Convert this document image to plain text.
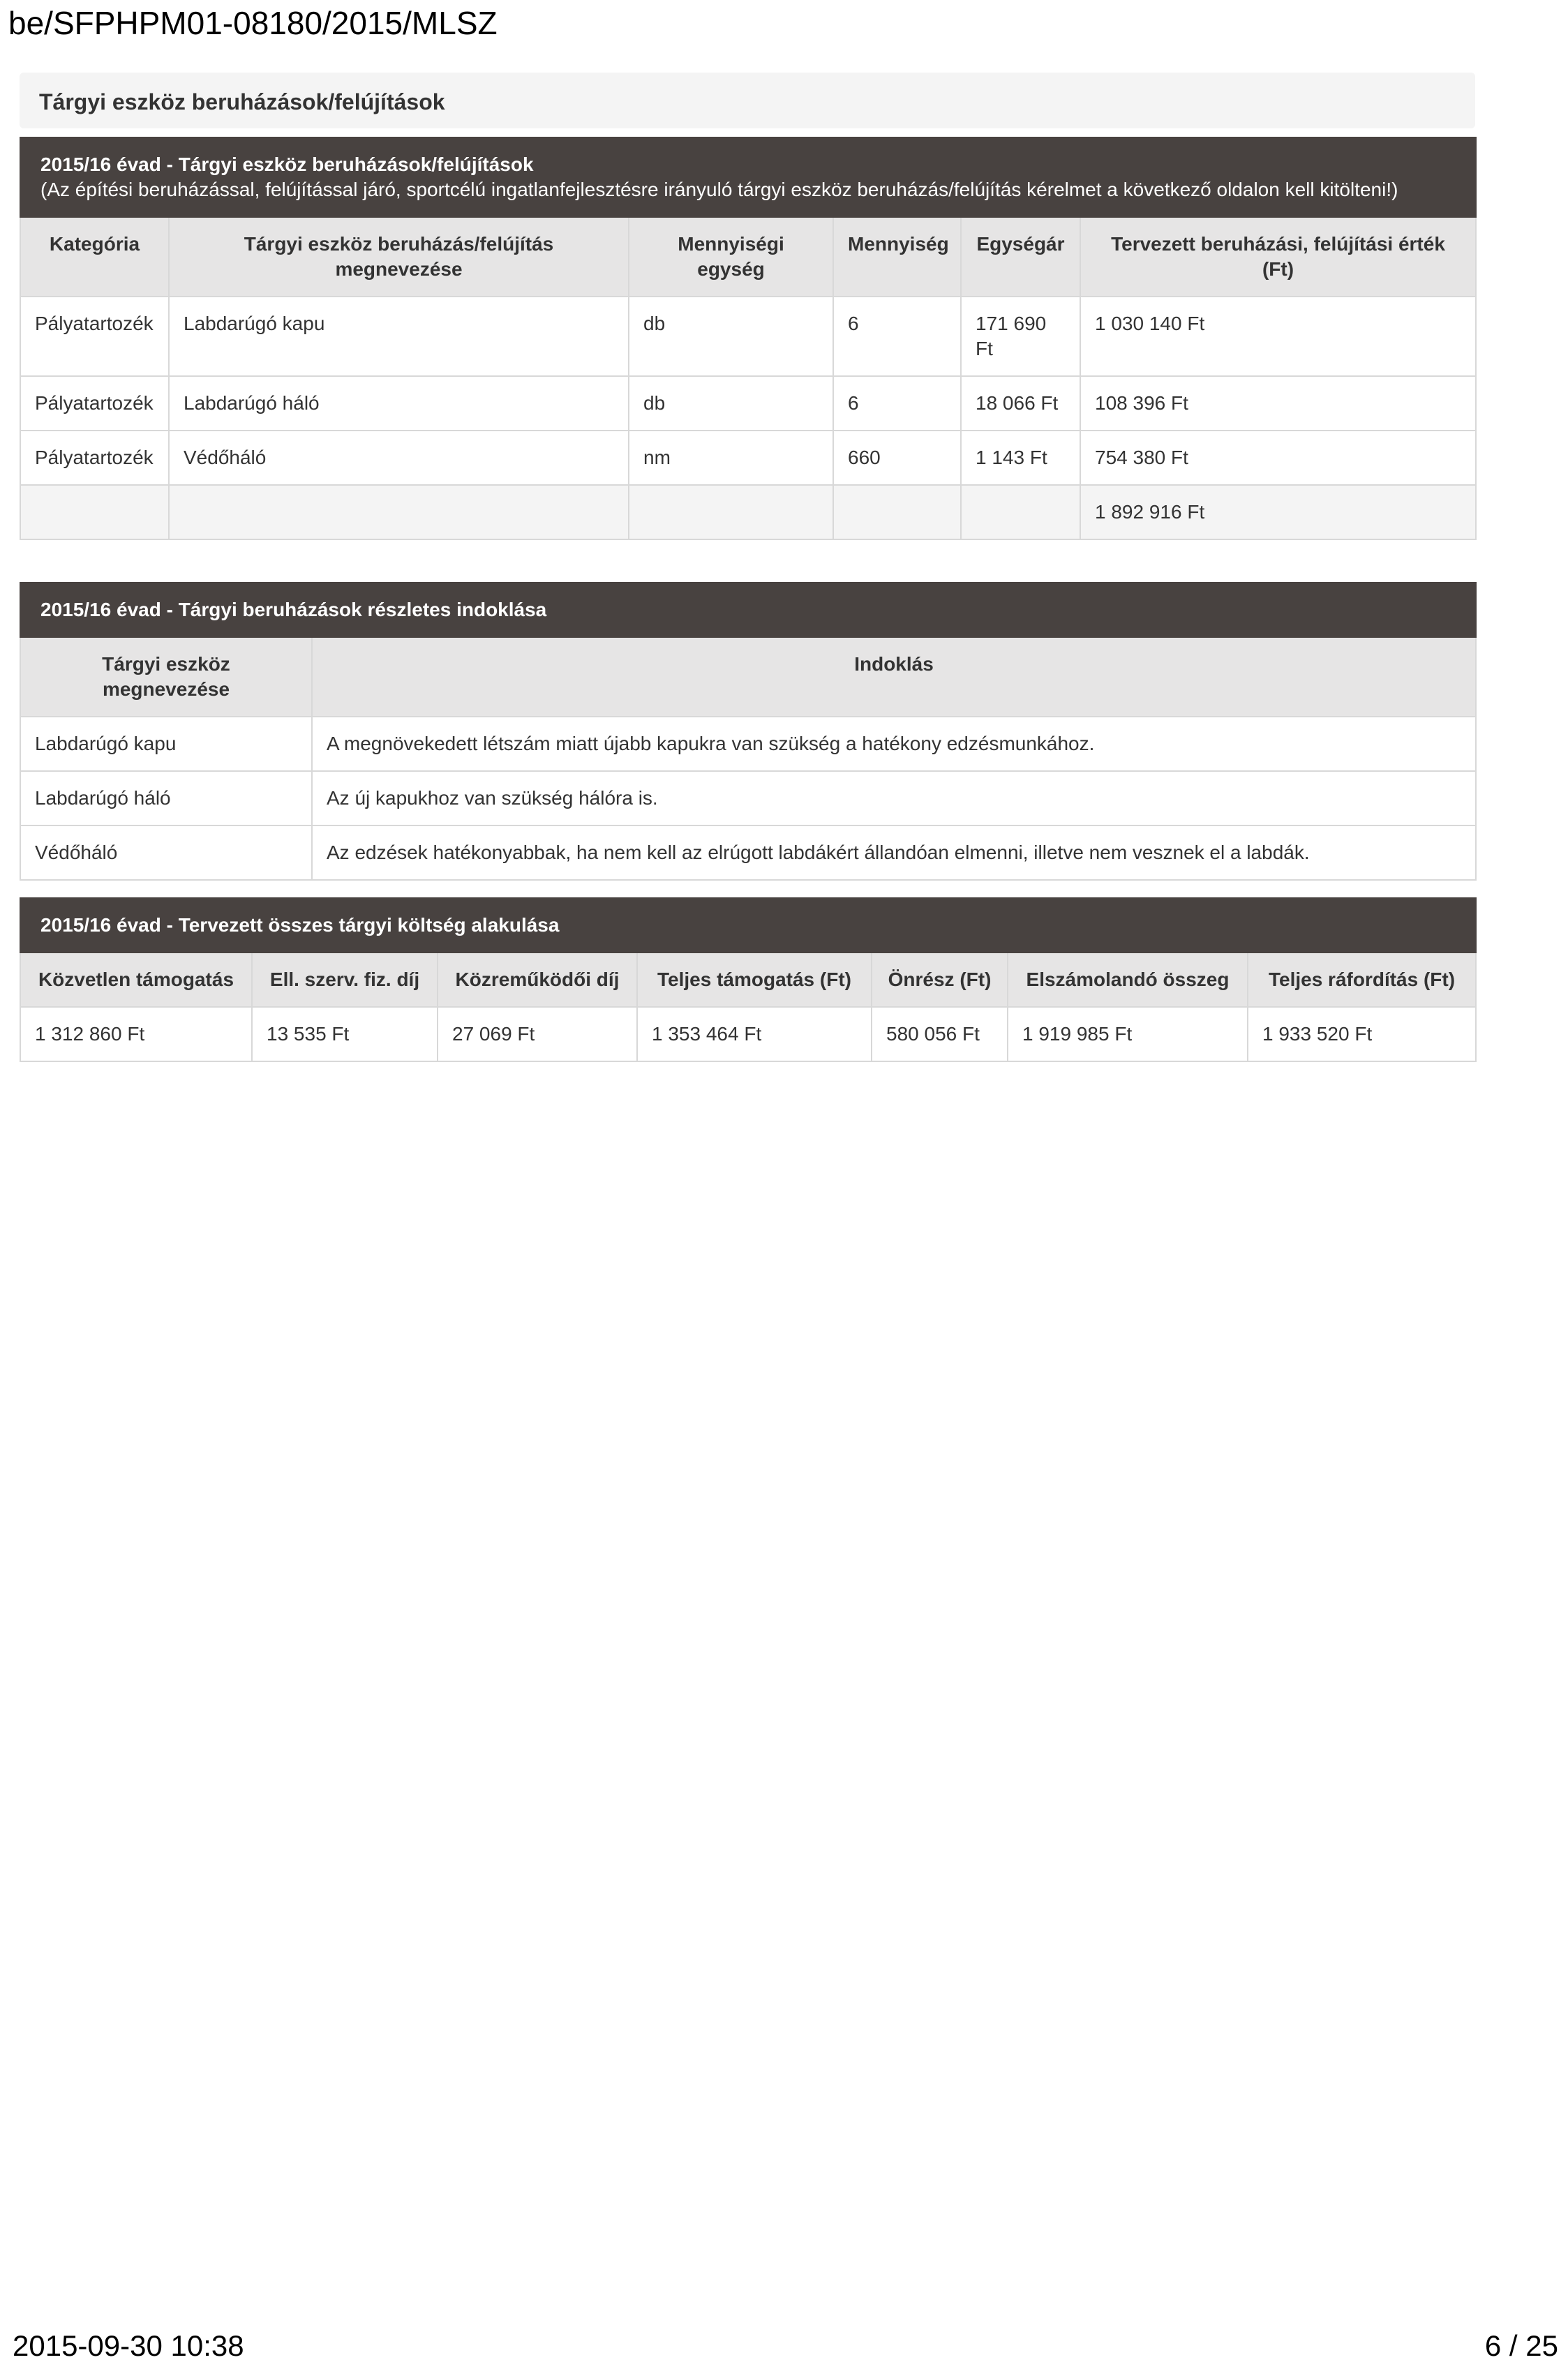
be/SFPHPM01-08180/2015/MLSZ
Tárgyi eszköz beruházások/felújítások
2015/16 évad - Tárgyi eszköz beruházások/felújítások
(Az építési beruházással, felújítással járó, sportcélú ingatlanfejlesztésre irányuló tárgyi eszköz beruházás/felújítás kérelmet a következő oldalon kell kitölteni!)					

Kategória	Tárgyi eszköz beruházás/felújítás megnevezése	Mennyiségi egység	Mennyiség	Egységár	Tervezett beruházási, felújítási érték (Ft)
Pályatartozék	Labdarúgó kapu	db	6	171 690 Ft	1 030 140 Ft
Pályatartozék	Labdarúgó háló	db	6	18 066 Ft	108 396 Ft
Pályatartozék	Védőháló	nm	660	1 143 Ft	754 380 Ft
					1 892 916 Ft
2015/16 évad - Tárgyi beruházások részletes indoklása	
Tárgyi eszköz megnevezése	Indoklás
Labdarúgó kapu	A megnövekedett létszám miatt újabb kapukra van szükség a hatékony edzésmunkához.
Labdarúgó háló	Az új kapukhoz van szükség hálóra is.
Védőháló	Az edzések hatékonyabbak, ha nem kell az elrúgott labdákért állandóan elmenni, illetve nem vesznek el a labdák.
2015/16 évad - Tervezett összes tárgyi költség alakulása						
Közvetlen támogatás	Ell. szerv. fiz. díj	Közreműködői díj	Teljes támogatás (Ft)	Önrész (Ft)	Elszámolandó összeg	Teljes ráfordítás (Ft)
1 312 860 Ft	13 535 Ft	27 069 Ft	1 353 464 Ft	580 056 Ft	1 919 985 Ft	1 933 520 Ft
2015-09-30 10:38	6 / 25
